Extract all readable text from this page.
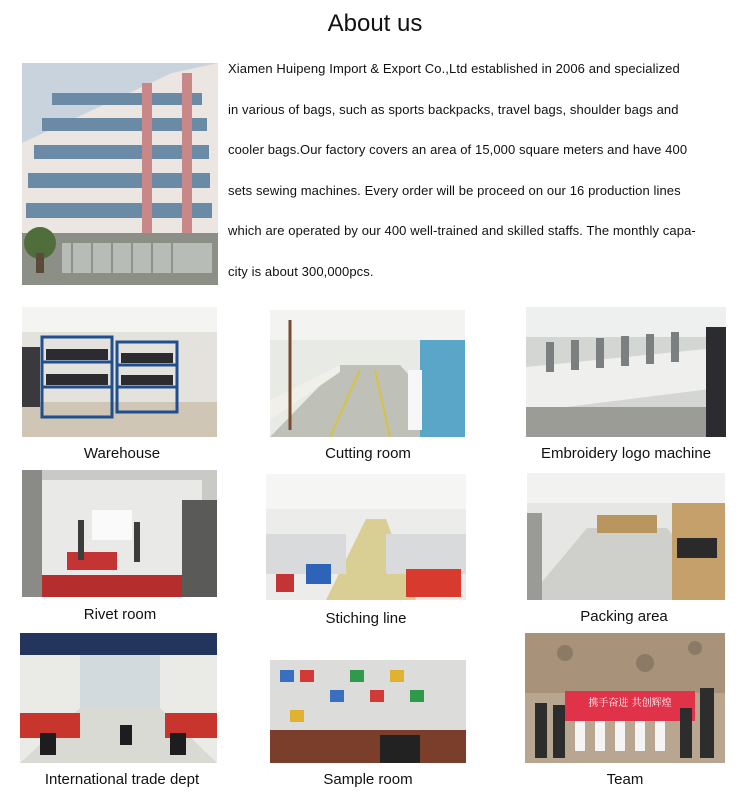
About us
Xiamen Huipeng Import & Export Co.,Ltd established in 2006 and specialized
in various of bags, such as sports backpacks, travel bags, shoulder bags and
cooler bags.Our factory covers an area of 15,000 square meters and have 400
sets sewing machines. Every order will be proceed on our 16 production lines
which are operated by our 400 well-trained and skilled staffs. The monthly capa-
city is about 300,000pcs.
Warehouse	Cutting room	Embroidery logo machine
Rivet room	Stiching line	Packing area
International trade dept	Sample room
携手奋进 共创辉煌
Team
